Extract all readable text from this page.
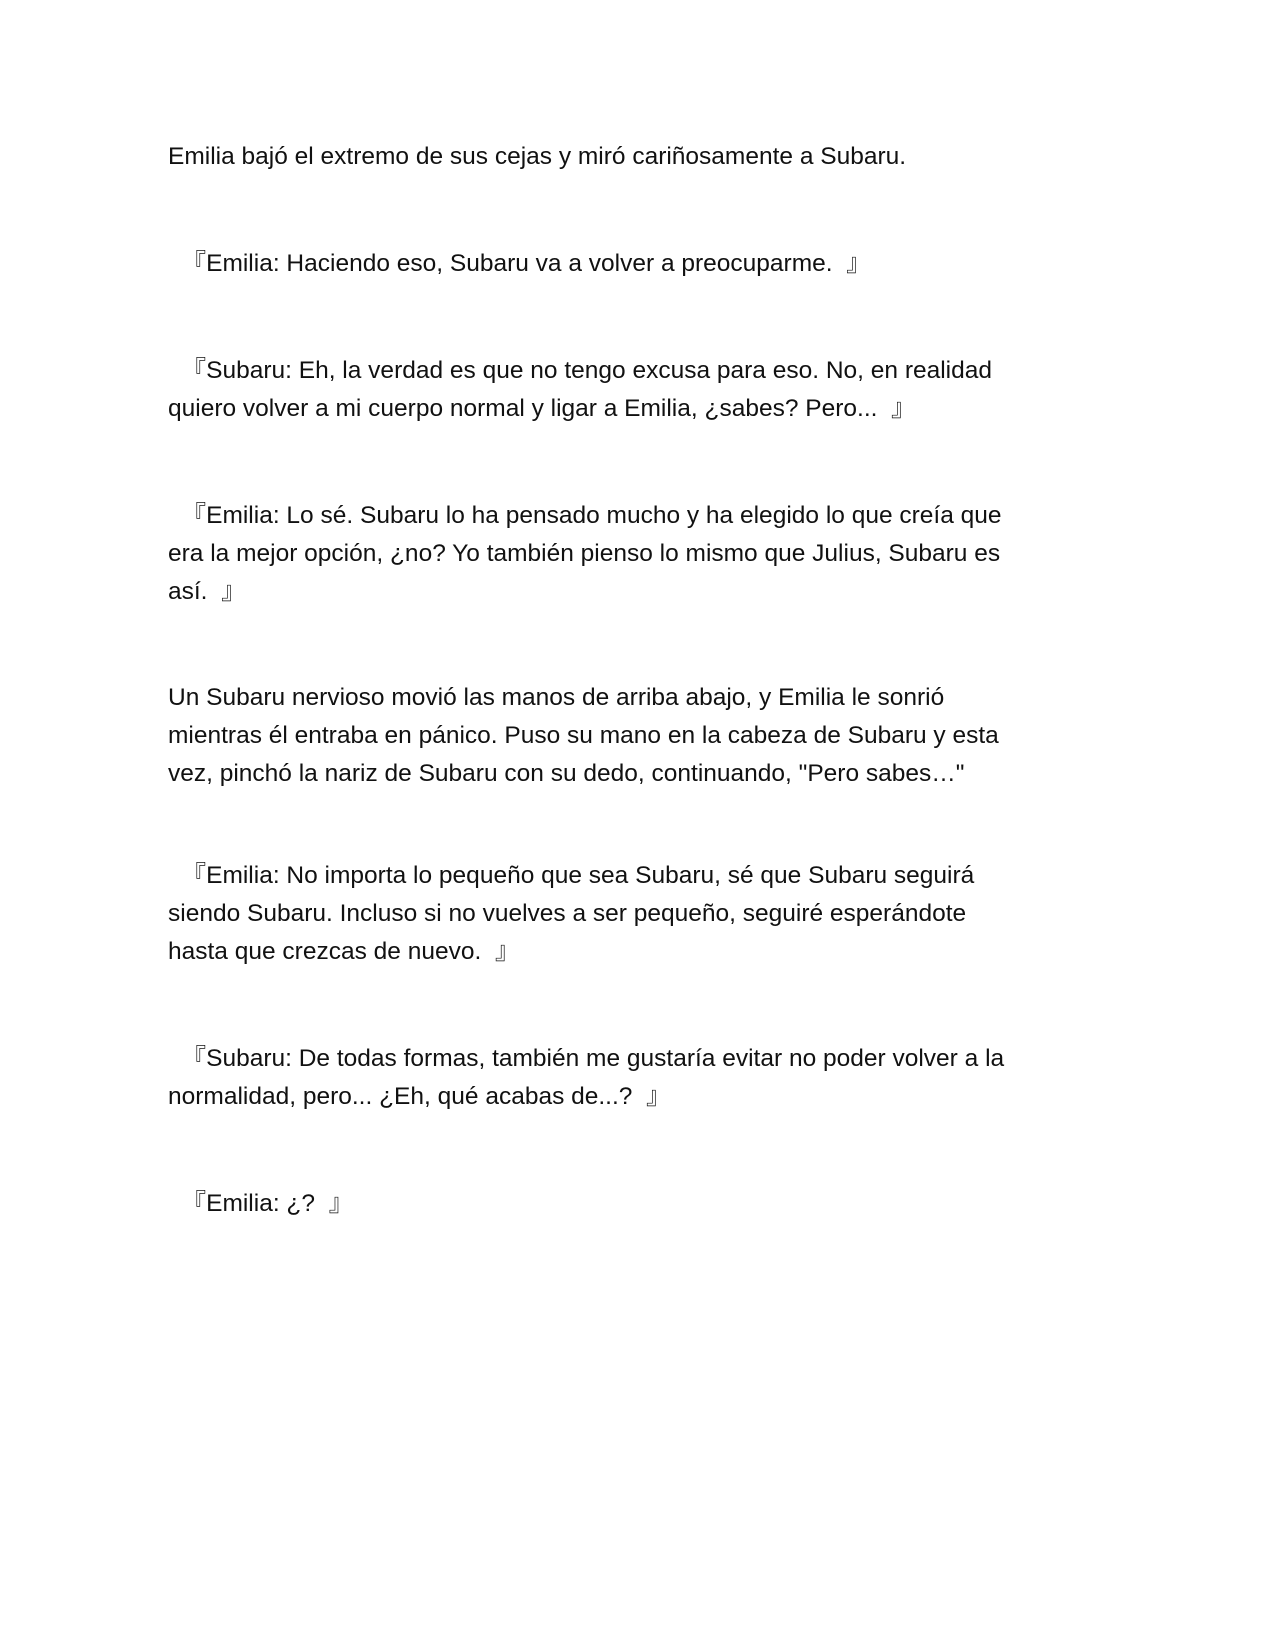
Emilia bajó el extremo de sus cejas y miró cariñosamente a Subaru.

『Emilia: Haciendo eso, Subaru va a volver a preocuparme.  』

『Subaru: Eh, la verdad es que no tengo excusa para eso. No, en realidad
quiero volver a mi cuerpo normal y ligar a Emilia, ¿sabes? Pero...  』

『Emilia: Lo sé. Subaru lo ha pensado mucho y ha elegido lo que creía que
era la mejor opción, ¿no? Yo también pienso lo mismo que Julius, Subaru es
así.  』

Un Subaru nervioso movió las manos de arriba abajo, y Emilia le sonrió
mientras él entraba en pánico. Puso su mano en la cabeza de Subaru y esta
vez, pinchó la nariz de Subaru con su dedo, continuando, "Pero sabes…"

『Emilia: No importa lo pequeño que sea Subaru, sé que Subaru seguirá
siendo Subaru. Incluso si no vuelves a ser pequeño, seguiré esperándote
hasta que crezcas de nuevo.  』

『Subaru: De todas formas, también me gustaría evitar no poder volver a la
normalidad, pero... ¿Eh, qué acabas de...?  』

『Emilia: ¿?  』
